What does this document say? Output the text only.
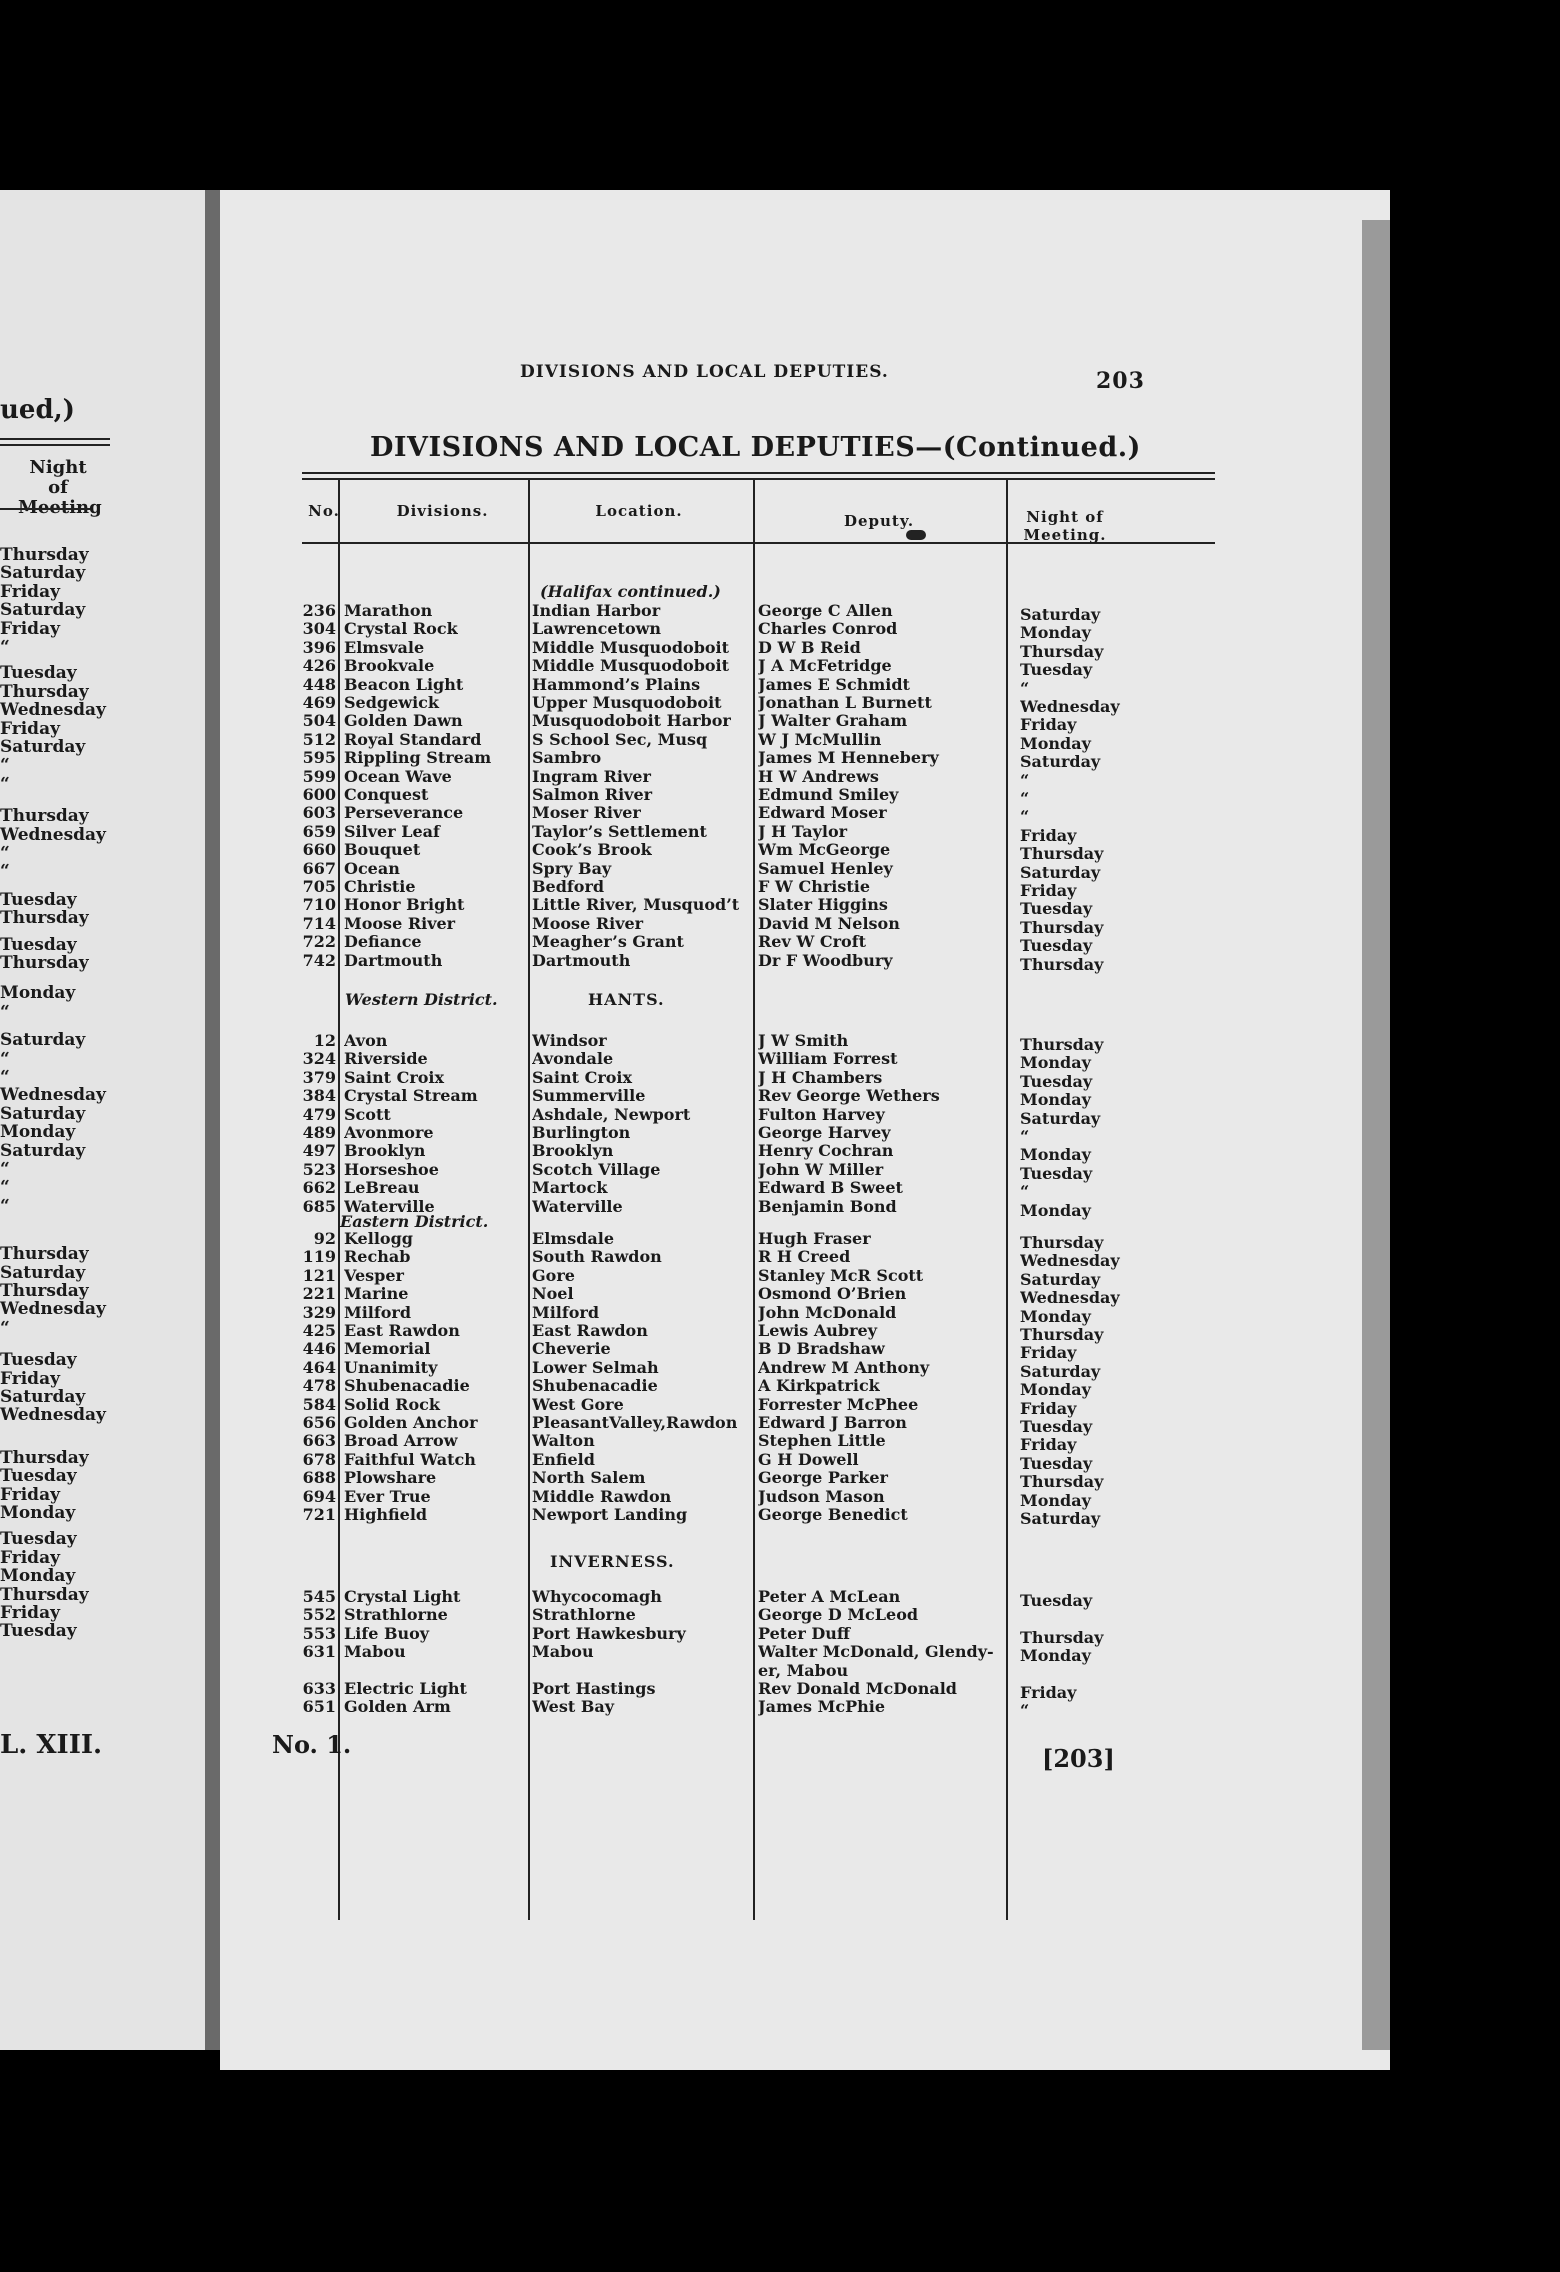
ued,)
Night of Meeting
Thursday
Saturday
Friday
Saturday
Friday
“
Tuesday
Thursday
Wednesday
Friday
Saturday
“
“
Thursday
Wednesday
“
“
Tuesday
Thursday
Tuesday
Thursday
Monday
“
Saturday
“
“
Wednesday
Saturday
Monday
Saturday
“
“
“
Thursday
Saturday
Thursday
Wednesday
“
Tuesday
Friday
Saturday
Wednesday
Thursday
Tuesday
Friday
Monday
Tuesday
Friday
Monday
Thursday
Friday
Tuesday
L. XIII.
DIVISIONS AND LOCAL DEPUTIES.	203
DIVISIONS AND LOCAL DEPUTIES—(Continued.)
No.	Divisions.	Location.
Deputy.	Night of Meeting.
(Halifax continued.)
236 Marathon	Indian Harbor	George C Allen	Saturday
304 Crystal Rock	Lawrencetown	Charles Conrod	Monday
396 Elmsvale	Middle Musquodoboit	D W B Reid	Thursday
426 Brookvale	Middle Musquodoboit	J A McFetridge	Tuesday
448 Beacon Light	Hammond’s Plains	James E Schmidt	“
469 Sedgewick	Upper Musquodoboit	Jonathan L Burnett	Wednesday
504 Golden Dawn	Musquodoboit Harbor	J Walter Graham	Friday
512 Royal Standard	S School Sec, Musq	W J McMullin	Monday
595 Rippling Stream	Sambro	James M Hennebery	Saturday
599 Ocean Wave	Ingram River	H W Andrews	“
600 Conquest	Salmon River	Edmund Smiley	“
603 Perseverance	Moser River	Edward Moser	“
659 Silver Leaf	Taylor’s Settlement	J H Taylor	Friday
660 Bouquet	Cook’s Brook	Wm McGeorge	Thursday
667 Ocean	Spry Bay	Samuel Henley	Saturday
705 Christie	Bedford	F W Christie	Friday
710 Honor Bright	Little River, Musquod’t	Slater Higgins	Tuesday
714 Moose River	Moose River	David M Nelson	Thursday
722 Defiance	Meagher’s Grant	Rev W Croft	Tuesday
742 Dartmouth	Dartmouth	Dr F Woodbury	Thursday
Western District.	HANTS.
12 Avon	Windsor	J W Smith	Thursday
324 Riverside	Avondale	William Forrest	Monday
379 Saint Croix	Saint Croix	J H Chambers	Tuesday
384 Crystal Stream	Summerville	Rev George Wethers	Monday
479 Scott	Ashdale, Newport	Fulton Harvey	Saturday
489 Avonmore	Burlington	George Harvey	“
497 Brooklyn	Brooklyn	Henry Cochran	Monday
523 Horseshoe	Scotch Village	John W Miller	Tuesday
662 LeBreau	Martock	Edward B Sweet	“
685 Waterville	Waterville	Benjamin Bond	Monday
Eastern District.
92 Kellogg	Elmsdale	Hugh Fraser	Thursday
119 Rechab	South Rawdon	R H Creed	Wednesday
121 Vesper	Gore	Stanley McR Scott	Saturday
221 Marine	Noel	Osmond O’Brien	Wednesday
329 Milford	Milford	John McDonald	Monday
425 East Rawdon	East Rawdon	Lewis Aubrey	Thursday
446 Memorial	Cheverie	B D Bradshaw	Friday
464 Unanimity	Lower Selmah	Andrew M Anthony	Saturday
478 Shubenacadie	Shubenacadie	A Kirkpatrick	Monday
584 Solid Rock	West Gore	Forrester McPhee	Friday
656 Golden Anchor	PleasantValley,Rawdon	Edward J Barron	Tuesday
663 Broad Arrow	Walton	Stephen Little	Friday
678 Faithful Watch	Enfield	G H Dowell	Tuesday
688 Plowshare	North Salem	George Parker	Thursday
694 Ever True	Middle Rawdon	Judson Mason	Monday
721 Highfield	Newport Landing	George Benedict	Saturday
INVERNESS.
545 Crystal Light	Whycocomagh	Peter A McLean	Tuesday
552 Strathlorne	Strathlorne	George D McLeod
553 Life Buoy	Port Hawkesbury	Peter Duff	Thursday
631 Mabou	Mabou	Walter McDonald, Glendy-	Monday
er, Mabou
633 Electric Light	Port Hastings	Rev Donald McDonald	Friday
651 Golden Arm	West Bay	James McPhie	“
No. 1.	[203]
